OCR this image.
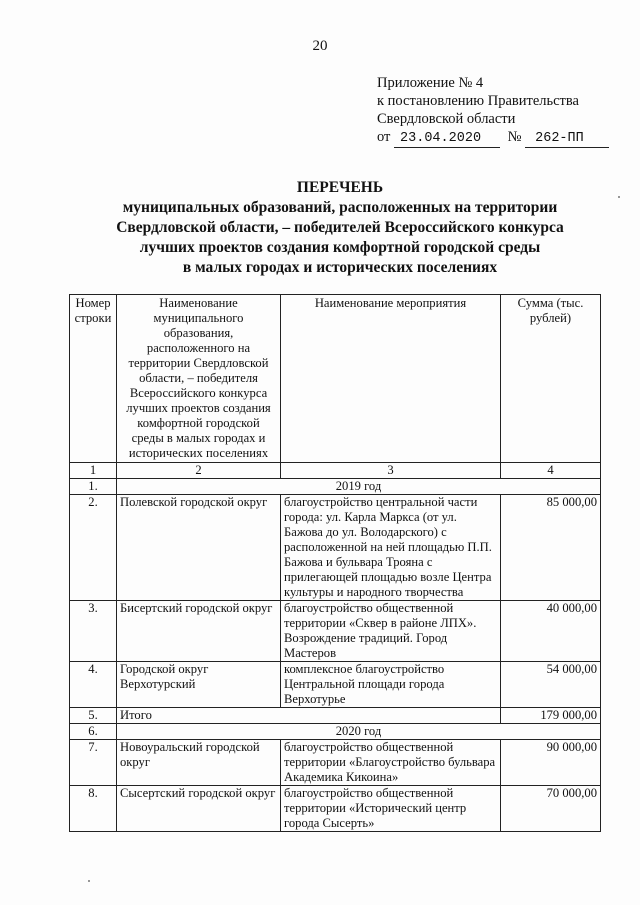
20
Приложение № 4
к постановлению Правительства
Свердловской области
от 23.04.2020 № 262-ПП
ПЕРЕЧЕНЬ
муниципальных образований, расположенных на территории
Свердловской области, – победителей Всероссийского конкурса
лучших проектов создания комфортной городской среды
в малых городах и исторических поселениях
Номер строки	Наименование муниципального образования, расположенного на территории Свердловской области, – победителя Всероссийского конкурса лучших проектов создания комфортной городской среды в малых городах и исторических поселениях	Наименование мероприятия	Сумма (тыс. рублей)
1	2	3	4
1.	2019 год		
2.	Полевской городской округ	благоустройство центральной части города: ул. Карла Маркса (от ул. Бажова до ул. Володарского) с расположенной на ней площадью П.П. Бажова и бульвара Трояна с прилегающей площадью возле Центра культуры и народного творчества	85 000,00
3.	Бисертский городской округ	благоустройство общественной территории «Сквер в районе ЛПХ». Возрождение традиций. Город Мастеров	40 000,00
4.	Городской округ Верхотурский	комплексное благоустройство Центральной площади города Верхотурье	54 000,00
5.	Итого		179 000,00
6.	2020 год		
7.	Новоуральский городской округ	благоустройство общественной территории «Благоустройство бульвара Академика Кикоина»	90 000,00
8.	Сысертский городской округ	благоустройство общественной территории «Исторический центр города Сысерть»	70 000,00
